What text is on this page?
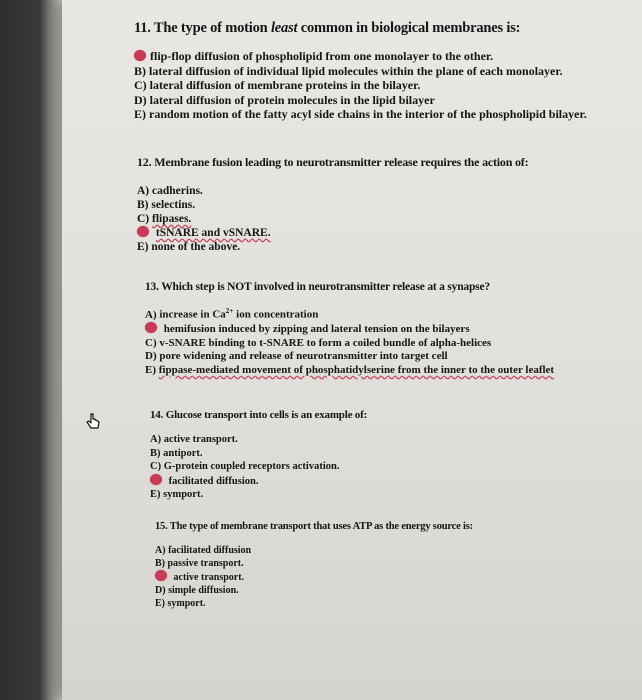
11. The type of motion least common in biological membranes is:
flip-flop diffusion of phospholipid from one monolayer to the other.
B) lateral diffusion of individual lipid molecules within the plane of each monolayer.
C) lateral diffusion of membrane proteins in the bilayer.
D) lateral diffusion of protein molecules in the lipid bilayer
E) random motion of the fatty acyl side chains in the interior of the phospholipid bilayer.
12. Membrane fusion leading to neurotransmitter release requires the action of:
A) cadherins.
B) selectins.
C) flipases.
tSNARE and vSNARE.
E) none of the above.
13. Which step is NOT involved in neurotransmitter release at a synapse?
A) increase in $Ca^{2+}$ ion concentration
hemifusion induced by zipping and lateral tension on the bilayers
C) v-SNARE binding to t-SNARE to form a coiled bundle of alpha-helices
D) pore widening and release of neurotransmitter into target cell
E) fippase-mediated movement of phosphatidylserine from the inner to the outer leaflet
14. Glucose transport into cells is an example of:
A) active transport.
B) antiport.
C) G-protein coupled receptors activation.
facilitated diffusion.
E) symport.
15. The type of membrane transport that uses ATP as the energy source is:
A) facilitated diffusion
B) passive transport.
active transport.
D) simple diffusion.
E) symport.
